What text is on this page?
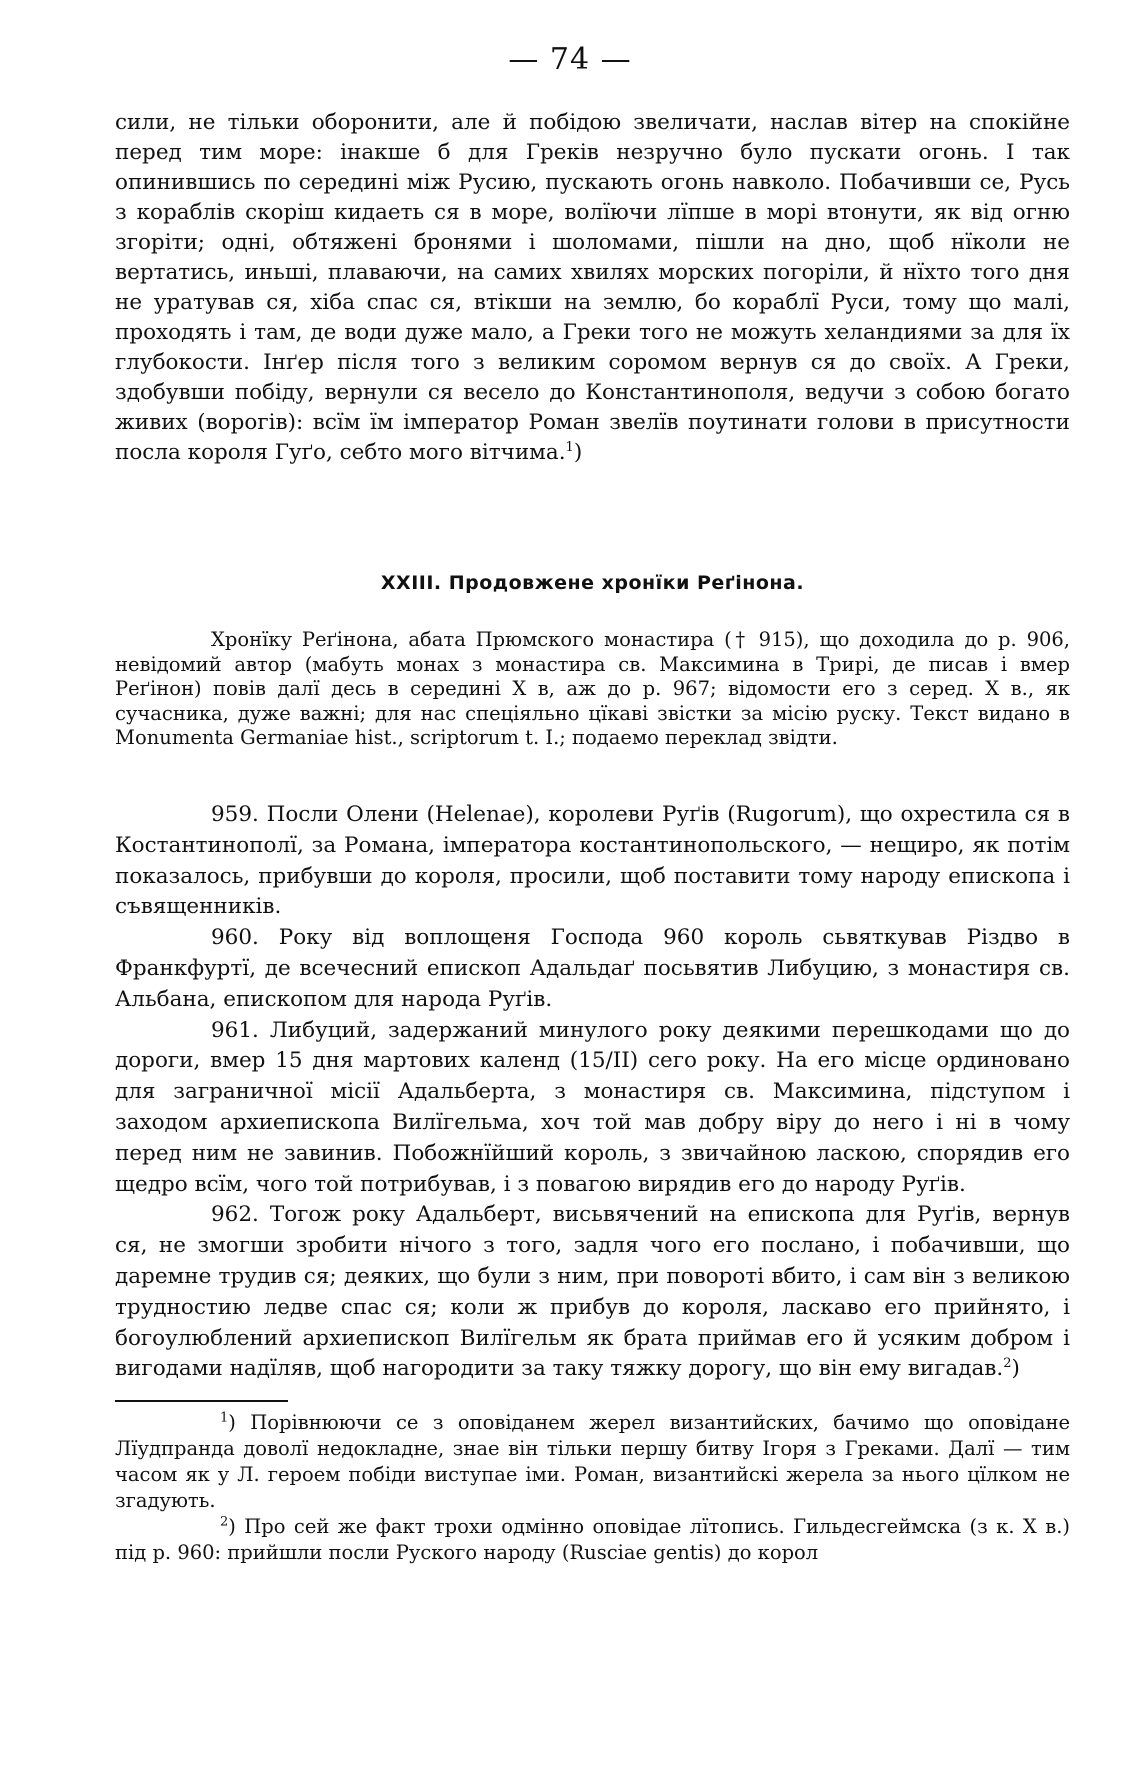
— 74 —

сили, не тільки оборонити, але й побідою звеличати, наслав вітер на спокійне перед тим море: інакше б для Греків незручно було пускати огонь. І так опинившись по середині між Русию, пускають огонь навколо. Побачивши се, Русь з кораблів скоріш кидаеть ся в море, волїючи лїпше в морі втонути, як від огню згоріти; одні, обтяжені бронями і шоломами, пішли на дно, щоб нїколи не вертатись, иньші, плаваючи, на самих хвилях морских погоріли, й нїхто того дня не уратував ся, хіба спас ся, втікши на землю, бо кораблї Руси, тому що малі, проходять і там, де води дуже мало, а Греки того не можуть хеландиями за для їх глубокости. Інґер після того з великим соромом вернув ся до своїх. А Греки, здобувши побіду, вернули ся весело до Константинополя, ведучи з собою богато живих (ворогів): всїм їм імператор Роман звелїв поутинати голови в присутности посла короля Гуґо, себто мого вітчима.$^1$)

XXIII. Продовжене хронїки Реґінона.

Хронїку Реґінона, абата Прюмского монастира († 915), що доходила до р. 906, невідомий автор (мабуть монах з монастира св. Максимина в Трирі, де писав і вмер Реґінон) повів далї десь в середині Х в, аж до р. 967; відомости его з серед. Х в., як сучасника, дуже важні; для нас спеціяльно цїкаві звістки за місію руску. Текст видано в Monumenta Germaniae hist., scriptorum t. I.; подаемо переклад звідти.

959. Посли Олени (Helenae), королеви Руґів (Rugorum), що охрестила ся в Костантинополї, за Романа, імператора костантинопольского, — нещиро, як потім показалось, прибувши до короля, просили, щоб поставити тому народу епископа і съвященників.

960. Року від воплощеня Господа 960 король сьвяткував Різдво в Франкфуртї, де всечесний епископ Адальдаґ посьвятив Либуцию, з монастиря св. Альбана, епископом для народа Руґів.

961. Либуций, задержаний минулого року деякими перешкодами що до дороги, вмер 15 дня мартових календ (15/II) сего року. На его місце ординовано для заграничної місії Адальберта, з монастиря св. Максимина, підступом і заходом архиепископа Вилїгельма, хоч той мав добру віру до него і ні в чому перед ним не завинив. Побожнїйший король, з звичайною ласкою, спорядив его щедро всїм, чого той потрибував, і з повагою вирядив его до народу Руґів.

962. Тогож року Адальберт, висьвячений на епископа для Руґів, вернув ся, не змогши зробити нічого з того, задля чого его послано, і побачивши, що даремне трудив ся; деяких, що були з ним, при повороті вбито, і сам він з великою трудностию ледве спас ся; коли ж прибув до короля, ласкаво его прийнято, і богоулюблений архиепископ Вилїгельм як брата приймав его й усяким добром і вигодами надїляв, щоб нагородити за таку тяжку дорогу, що він ему вигадав.$^2$)

$^1$) Порівнюючи се з оповіданем жерел византийских, бачимо що оповідане Лїудпранда доволї недокладне, знае він тільки першу битву Ігоря з Греками. Далї — тим часом як у Л. героем побіди виступае іми. Роман, византийскі жерела за нього цїлком не згадують.

$^2$) Про сей же факт трохи одмінно оповідае лїтопись. Гильдесгеймска (з к. Х в.) під р. 960: прийшли посли Руского народу (Rusciae gentis) до корол
